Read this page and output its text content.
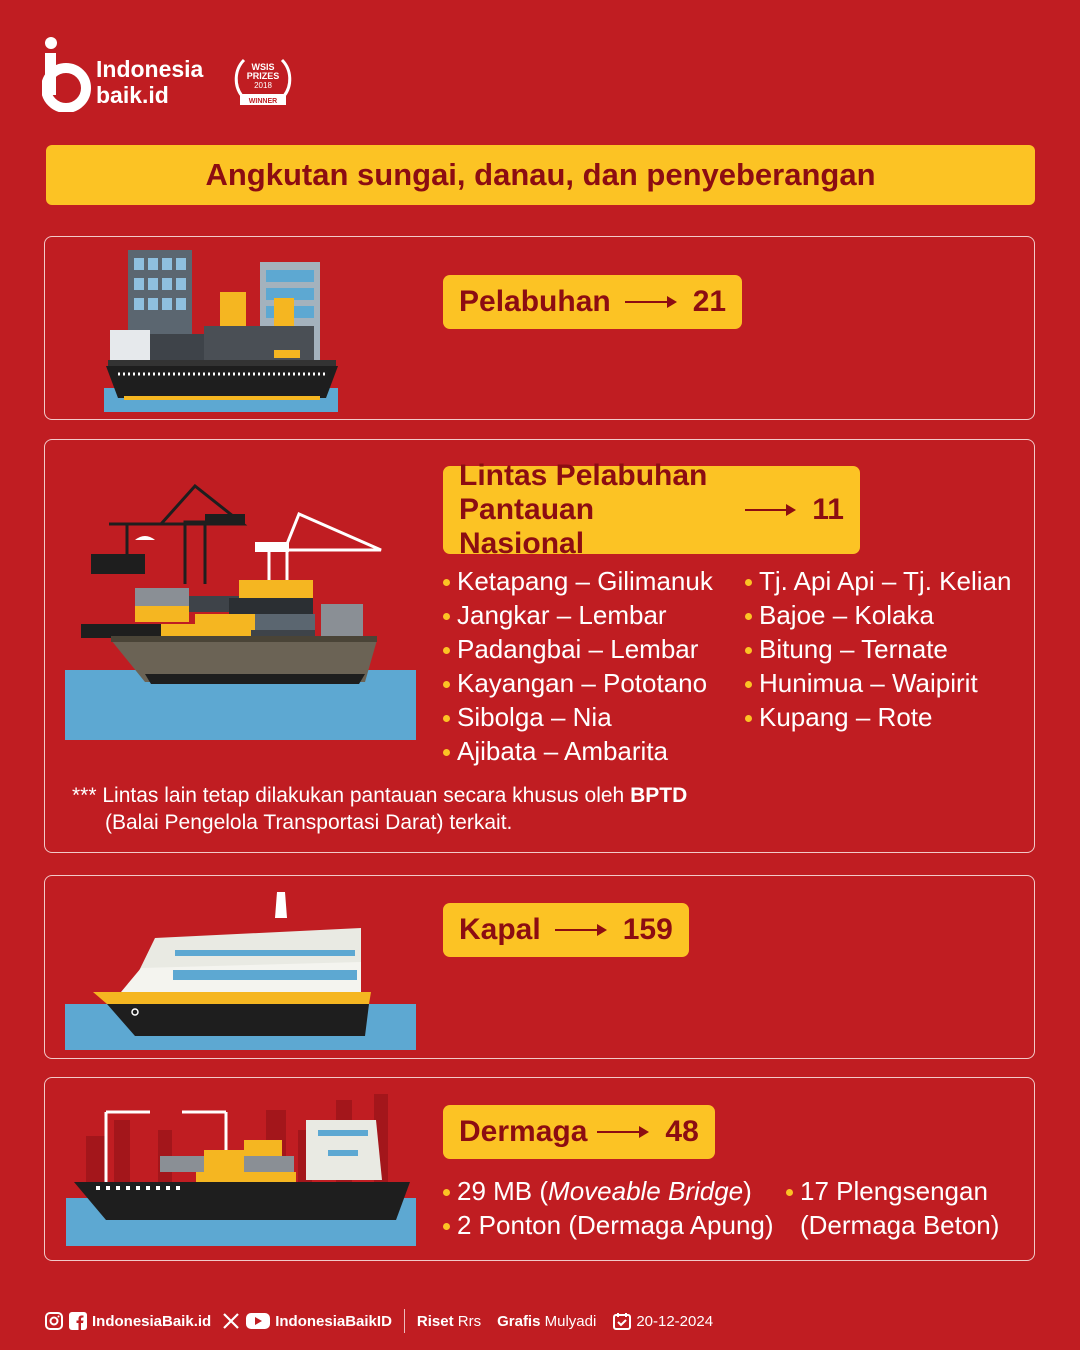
Indonesia
baik.id
WSIS
PRIZES
2018
WINNER
Angkutan sungai, danau, dan penyeberangan
Pelabuhan	21
Lintas Pelabuhan
Pantauan Nasional
11
Ketapang – Gilimanuk
Jangkar – Lembar
Padangbai – Lembar
Kayangan – Pototano
Sibolga – Nia
Ajibata – Ambarita
Tj. Api Api – Tj. Kelian
Bajoe – Kolaka
Bitung – Ternate
Hunimua – Waipirit
Kupang – Rote
*** Lintas lain tetap dilakukan pantauan secara khusus oleh BPTD
(Balai Pengelola Transportasi Darat) terkait.
Kapal	159
Dermaga	48
29 MB (Moveable Bridge)
2 Ponton (Dermaga Apung)
17 Plengsengan
(Dermaga Beton)
IndonesiaBaik.id	IndonesiaBaikID Riset
Rrs Grafis
Mulyadi	20-12-2024
